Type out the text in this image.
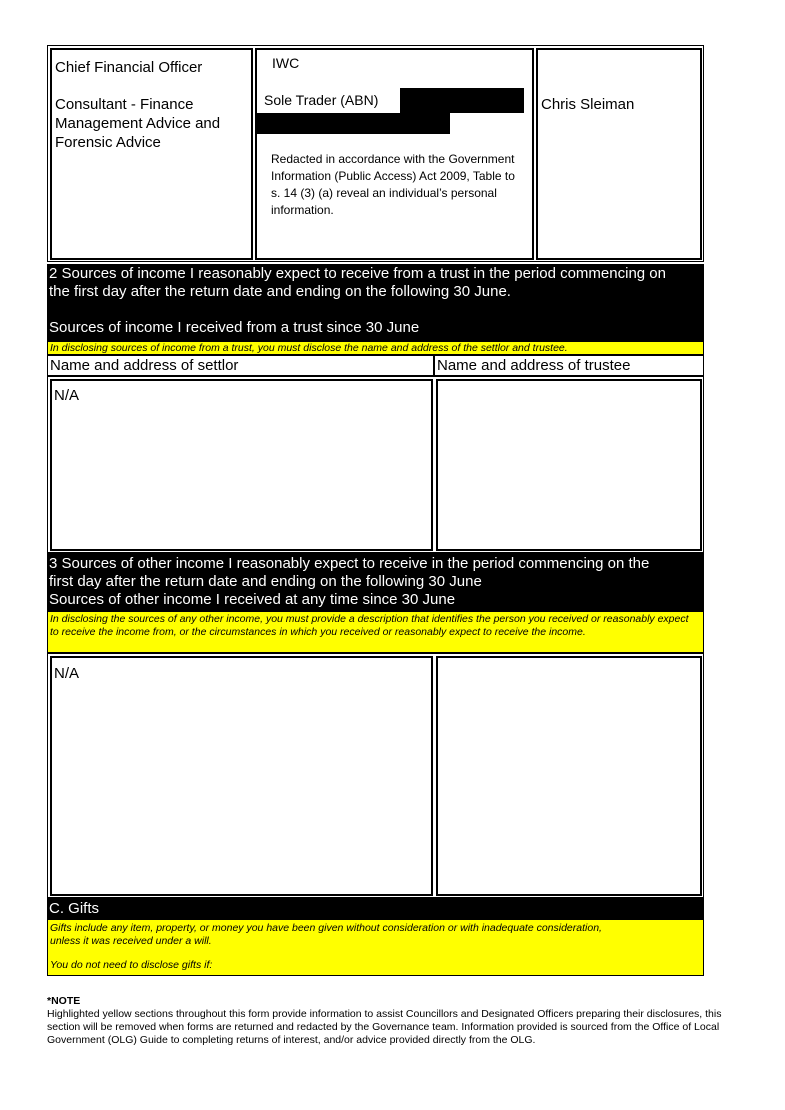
Chief Financial Officer
Consultant - Finance Management Advice and Forensic Advice
IWC
Sole Trader (ABN)
Redacted in accordance with the Government Information (Public Access) Act 2009, Table to s. 14 (3) (a) reveal an individual’s personal information.
Chris Sleiman
2 Sources of income I reasonably expect to receive from a trust in the period commencing on
the first day after the return date and ending on the following 30 June.
Sources of income I received from a trust since 30 June
In disclosing sources of income from a trust, you must disclose the name and address of the settlor and trustee.
Name and address of settlor	Name and address of trustee
N/A
3 Sources of other income I reasonably expect to receive in the period commencing on the
first day after the return date and ending on the following 30 June
Sources of other income I received at any time since 30 June
In disclosing the sources of any other income, you must provide a description that identifies the person you received or reasonably expect to receive the income from, or the circumstances in which you received or reasonably expect to receive the income.
N/A
C. Gifts
Gifts include any item, property, or money you have been given without consideration or with inadequate consideration,
unless it was received under a will.
You do not need to disclose gifts if:
*NOTE
Highlighted yellow sections throughout this form provide information to assist Councillors and Designated Officers preparing their disclosures, this section will be removed when forms are returned and redacted by the Governance team. Information provided is sourced from the Office of Local Government (OLG) Guide to completing returns of interest, and/or advice provided directly from the OLG.
